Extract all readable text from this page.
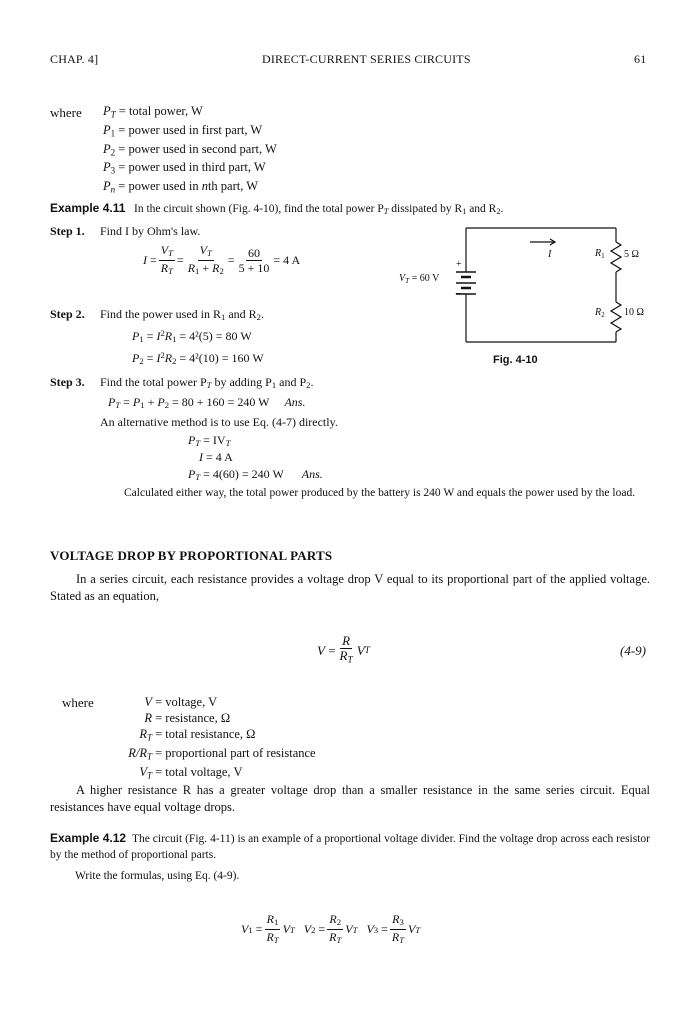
CHAP. 4]	DIRECT-CURRENT SERIES CIRCUITS	61
where $P_T$ = total power, W
$P_1$ = power used in first part, W
$P_2$ = power used in second part, W
$P_3$ = power used in third part, W
$P_n$ = power used in nth part, W
Example 4.11 In the circuit shown (Fig. 4-10), find the total power $P_T$ dissipated by $R_1$ and $R_2$.
Step 1. Find I by Ohm's law.
$I = \frac{V_T}{R_T} = \frac{V_T}{R_1 + R_2} = \frac{60}{5 + 10} = 4$ A	I
+
−
$V_T = 60$ V
$R_1$ 5 Ω
$R_2$ 10 Ω
Fig. 4-10
Step 2. Find the power used in $R_1$ and $R_2$.
$P_1 = I^2R_1 = 4^2(5) = 80$ W
$P_2 = I^2R_2 = 4^2(10) = 160$ W
Step 3. Find the total power $P_T$ by adding $P_1$ and $P_2$.
$P_T = P_1 + P_2 = 80 + 160 = 240$ W Ans.
An alternative method is to use Eq. (4-7) directly.
$P_T = IV_T$
I = 4 A
$P_T = 4(60) = 240$ W Ans.
Calculated either way, the total power produced by the battery is 240 W and equals the power used by the load.
VOLTAGE DROP BY PROPORTIONAL PARTS
In a series circuit, each resistance provides a voltage drop V equal to its proportional part of the applied voltage. Stated as an equation,
$V = \frac{R}{R_T}$ V T	(4-9)
where	V = voltage, V
R = resistance, Ω
$R_T$ = total resistance, Ω
$R/R_T$ = proportional part of resistance
$V_T$ = total voltage, V
A higher resistance R has a greater voltage drop than a smaller resistance in the same series circuit. Equal resistances have equal voltage drops.
Example 4.12 The circuit (Fig. 4-11) is an example of a proportional voltage divider. Find the voltage drop across each resistor by the method of proportional parts.
Write the formulas, using Eq. (4-9).
V $1 = \frac{R_1}{R_T}$ V T
V $2 = \frac{R_2}{R_T}$ V T
V $3 = \frac{R_3}{R_T}$ V T
